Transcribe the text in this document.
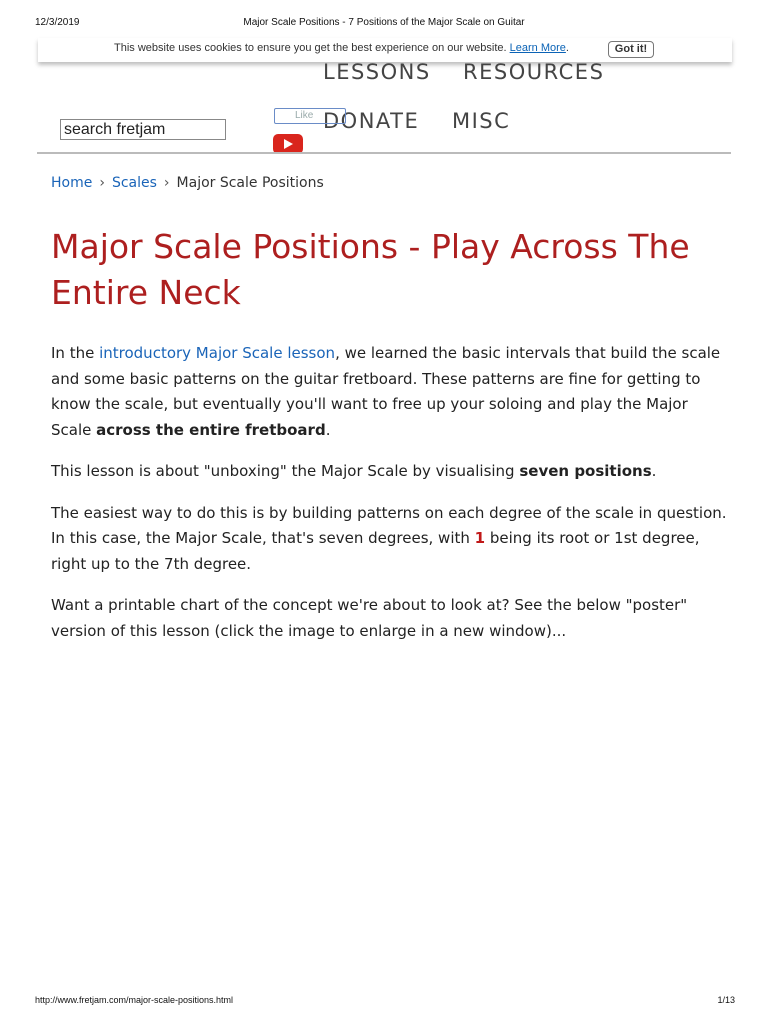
12/3/2019	Major Scale Positions - 7 Positions of the Major Scale on Guitar
This website uses cookies to ensure you get the best experience on our website. Learn More.	Got it!
LESSONS RESOURCES
DONATE MISC
search fretjam
Like
Home › Scales › Major Scale Positions
Major Scale Positions - Play Across The Entire Neck

In the introductory Major Scale lesson, we learned the basic intervals that build the scale and some basic patterns on the guitar fretboard. These patterns are fine for getting to know the scale, but eventually you'll want to free up your soloing and play the Major Scale across the entire fretboard.

This lesson is about "unboxing" the Major Scale by visualising seven positions.

The easiest way to do this is by building patterns on each degree of the scale in question. In this case, the Major Scale, that's seven degrees, with 1 being its root or 1st degree, right up to the 7th degree.

Want a printable chart of the concept we're about to look at? See the below "poster" version of this lesson (click the image to enlarge in a new window)...

http://www.fretjam.com/major-scale-positions.html	1/13
